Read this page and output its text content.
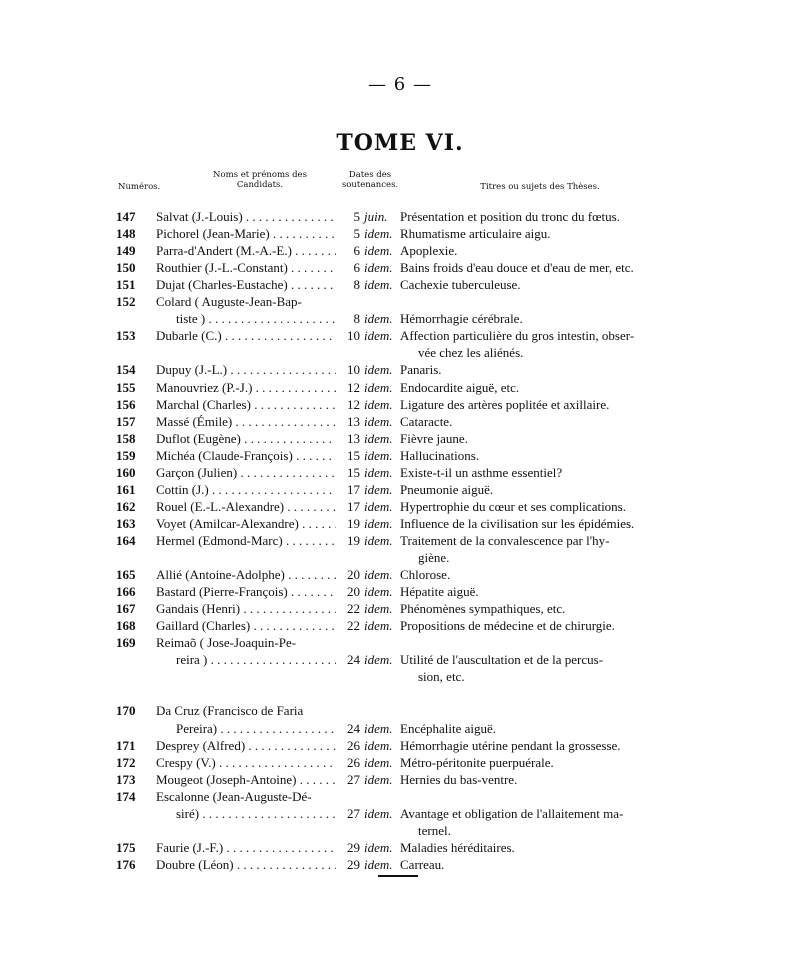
— 6 —
TOME VI.
Numéros.
Noms et prénoms des Candidats.
Dates des soutenances.	Titres ou sujets des Thèses.
147	Salvat (J.-Louis) . . .	5 juin. Présentation et position du tronc du fœtus.
148	Pichorel (Jean-Marie) . . .	5 idem. Rhumatisme articulaire aigu.
149	Parra-d'Andert (M.-A.-E.) . . .	6 idem. Apoplexie.
150	Routhier (J.-L.-Constant) . . .	6 idem. Bains froids d'eau douce et d'eau de mer, etc.
151	Dujat (Charles-Eustache) . . .	8 idem. Cachexie tuberculeuse.
152	Colard ( Auguste-Jean-Bap-
tiste ) . . .	8 idem. Hémorrhagie cérébrale.
153	Dubarle (C.) . . .	10 idem. Affection particulière du gros intestin, obser-
vée chez les aliénés.
154	Dupuy (J.-L.) . . .	10 idem. Panaris.
155	Manouvriez (P.-J.) . . .	12 idem. Endocardite aiguë, etc.
156	Marchal (Charles) . . .	12 idem. Ligature des artères poplitée et axillaire.
157	Massé (Émile) . . .	13 idem. Cataracte.
158	Duflot (Eugène) . . .	13 idem. Fièvre jaune.
159	Michéa (Claude-François) . . .	15 idem. Hallucinations.
160	Garçon (Julien) . . .	15 idem. Existe-t-il un asthme essentiel?
161	Cottin (J.) . . .	17 idem. Pneumonie aiguë.
162	Rouel (E.-L.-Alexandre) . . .	17 idem. Hypertrophie du cœur et ses complications.
163	Voyet (Amilcar-Alexandre) . . .	19 idem. Influence de la civilisation sur les épidémies.
164	Hermel (Edmond-Marc) . . .	19 idem. Traitement de la convalescence par l'hy-
giène.
165	Allié (Antoine-Adolphe) . . .	20 idem. Chlorose.
166	Bastard (Pierre-François) . . .	20 idem. Hépatite aiguë.
167	Gandais (Henri) . . .	22 idem. Phénomènes sympathiques, etc.
168	Gaillard (Charles) . . .	22 idem. Propositions de médecine et de chirurgie.
169	Reimaõ ( Jose-Joaquin-Pe-
reira ) . . .	24 idem. Utilité de l'auscultation et de la percus-
sion, etc.
170	Da Cruz (Francisco de Faria
Pereira) . . .	24 idem. Encéphalite aiguë.
171	Desprey (Alfred) . . .	26 idem. Hémorrhagie utérine pendant la grossesse.
172	Crespy (V.) . . .	26 idem. Métro-péritonite puerpuérale.
173	Mougeot (Joseph-Antoine) . . .	27 idem. Hernies du bas-ventre.
174	Escalonne (Jean-Auguste-Dé-
siré) . . .	27 idem. Avantage et obligation de l'allaitement ma-
ternel.
175	Faurie (J.-F.) . . .	29 idem. Maladies héréditaires.
176	Doubre (Léon) . . .	29 idem. Carreau.
